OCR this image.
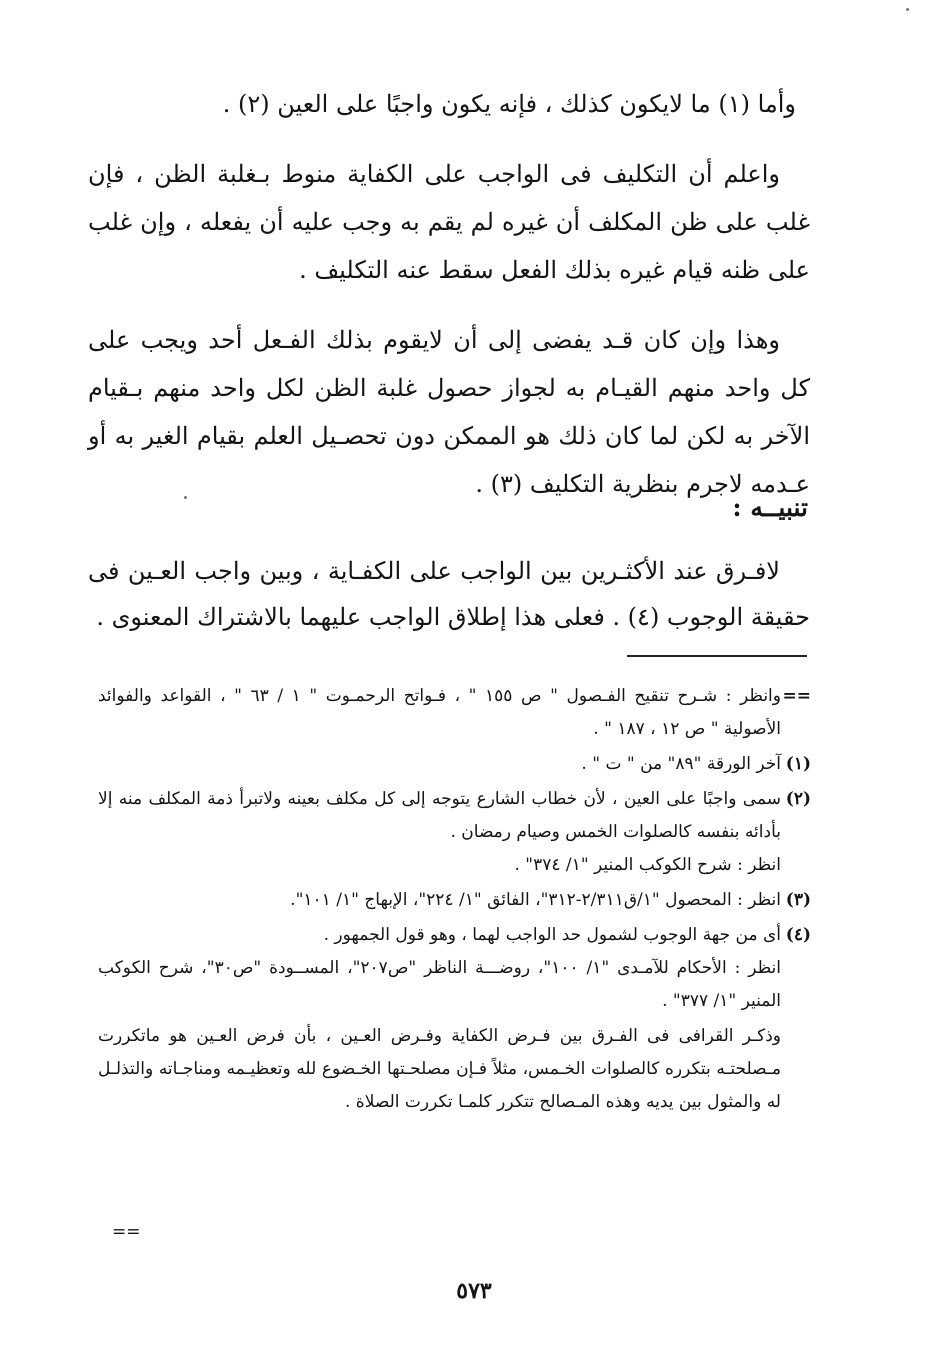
وأما (١) ما لايكون كذلك ، فإنه يكون واجبًا على العين (٢) .

واعلم أن التكليف فى الواجب على الكفاية منوط بـغلبة الظن ، فإن غلب على ظن المكلف أن غيره لم يقم به وجب عليه أن يفعله ، وإن غلب على ظنه قيام غيره بذلك الفعل سقط عنه التكليف .

وهذا وإن كان قـد يفضى إلى أن لايقوم بذلك الفـعل أحد ويجب على كل واحد منهم القيـام به لجواز حصول غلبة الظن لكل واحد منهم بـقيام الآخر به لكن لما كان ذلك هو الممكن دون تحصـيل العلم بقيام الغير به أو عـدمه لاجرم بنظرية التكليف (٣) .

تنبيــه :

لافـرق عند الأكثـرين بين الواجب على الكفـاية ، وبين واجب العـين فى حقيقة الوجوب (٤) . فعلى هذا إطلاق الواجب عليهما بالاشتراك المعنوى .

==
وانظر : شـرح تنقيح الفـصول " ص ١٥٥ " ، فـواتح الرحمـوت " ١ / ٦٣ " ، القواعد والفوائد الأصولية " ص ١٢ ، ١٨٧ " .
(١)
آخر الورقة "٨٩" من " ت " .
(٢)
سمى واجبًا على العين ، لأن خطاب الشارع يتوجه إلى كل مكلف بعينه ولاتبرأ ذمة المكلف منه إلا بأدائه بنفسه كالصلوات الخمس وصيام رمضان .
انظر : شرح الكوكب المنير "١/ ٣٧٤" .
(٣)
انظر : المحصول "١/ق٢/٣١١-٣١٢"، الفائق "١/ ٢٢٤"، الإبهاج "١/ ١٠١".
(٤)
أى من جهة الوجوب لشمول حد الواجب لهما ، وهو قول الجمهور .
انظر : الأحكام للآمـدى "١/ ١٠٠"، روضـــة الناظر "ص٢٠٧"، المســودة "ص٣٠"، شرح الكوكب المنير "١/ ٣٧٧" .
وذكـر القرافى فى الفـرق بين فـرض الكفاية وفـرض العـين ، بأن فرض العـين هو ماتكررت مـصلحتـه بتكرره كالصلوات الخـمس، مثلاً فـإن مصلحـتها الخـضوع لله وتعظيـمه ومناجـاته والتذلـل له والمثول بين يديه وهذه المـصالح تتكرر كلمـا تكررت الصلاة .
==
٥٧٣
